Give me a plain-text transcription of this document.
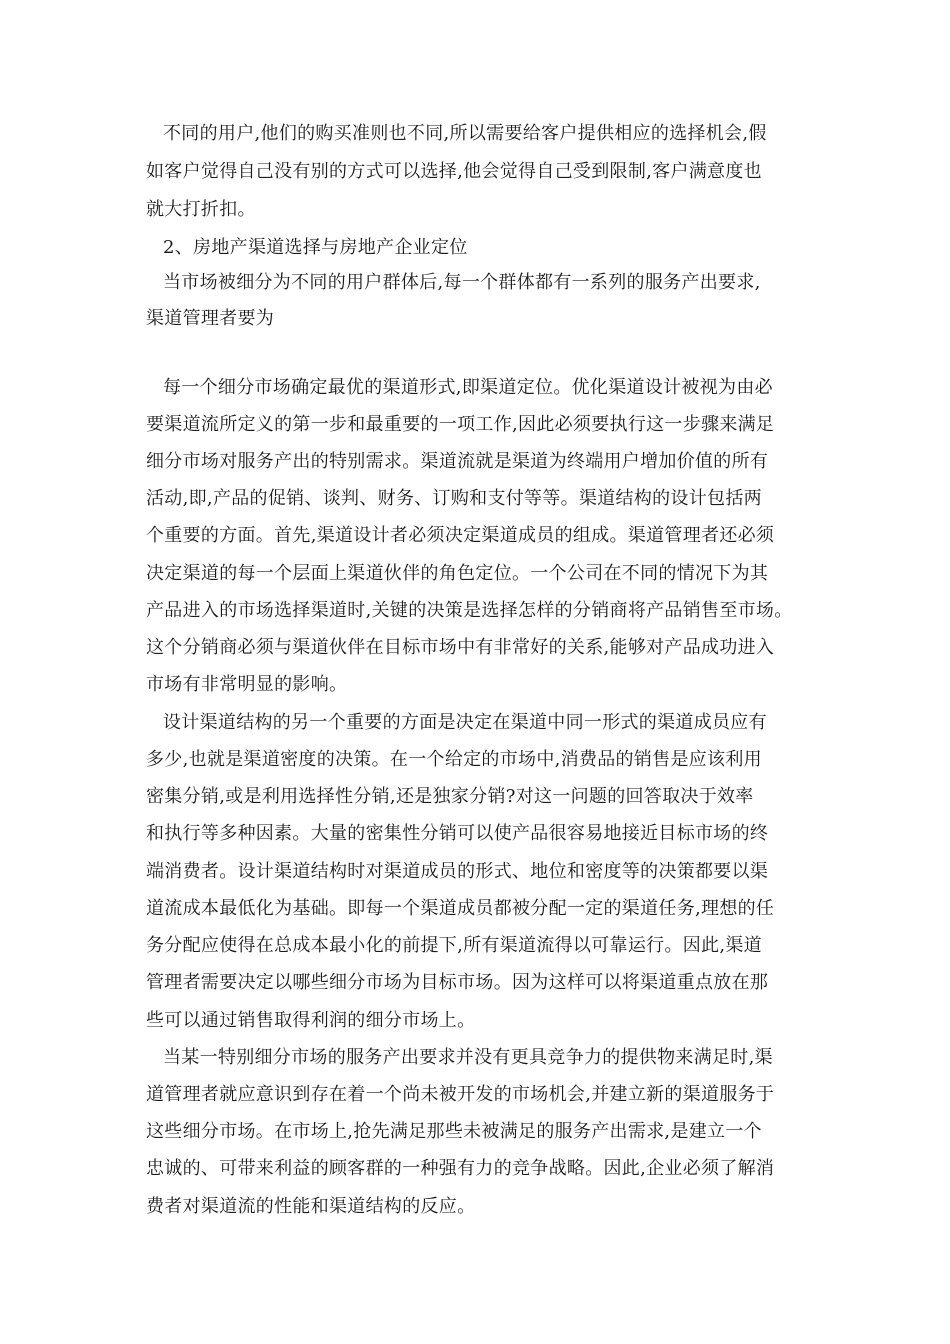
不同的用户,他们的购买准则也不同,所以需要给客户提供相应的选择机会,假
如客户觉得自己没有别的方式可以选择,他会觉得自己受到限制,客户满意度也
就大打折扣。
2、房地产渠道选择与房地产企业定位
当市场被细分为不同的用户群体后,每一个群体都有一系列的服务产出要求,
渠道管理者要为
每一个细分市场确定最优的渠道形式,即渠道定位。优化渠道设计被视为由必
要渠道流所定义的第一步和最重要的一项工作,因此必须要执行这一步骤来满足
细分市场对服务产出的特别需求。渠道流就是渠道为终端用户增加价值的所有
活动,即,产品的促销、谈判、财务、订购和支付等等。渠道结构的设计包括两
个重要的方面。首先,渠道设计者必须决定渠道成员的组成。渠道管理者还必须
决定渠道的每一个层面上渠道伙伴的角色定位。一个公司在不同的情况下为其
产品进入的市场选择渠道时,关键的决策是选择怎样的分销商将产品销售至市场。
这个分销商必须与渠道伙伴在目标市场中有非常好的关系,能够对产品成功进入
市场有非常明显的影响。
设计渠道结构的另一个重要的方面是决定在渠道中同一形式的渠道成员应有
多少,也就是渠道密度的决策。在一个给定的市场中,消费品的销售是应该利用
密集分销,或是利用选择性分销,还是独家分销?对这一问题的回答取决于效率
和执行等多种因素。大量的密集性分销可以使产品很容易地接近目标市场的终
端消费者。设计渠道结构时对渠道成员的形式、地位和密度等的决策都要以渠
道流成本最低化为基础。即每一个渠道成员都被分配一定的渠道任务,理想的任
务分配应使得在总成本最小化的前提下,所有渠道流得以可靠运行。因此,渠道
管理者需要决定以哪些细分市场为目标市场。因为这样可以将渠道重点放在那
些可以通过销售取得利润的细分市场上。
当某一特别细分市场的服务产出要求并没有更具竞争力的提供物来满足时,渠
道管理者就应意识到存在着一个尚未被开发的市场机会,并建立新的渠道服务于
这些细分市场。在市场上,抢先满足那些未被满足的服务产出需求,是建立一个
忠诚的、可带来利益的顾客群的一种强有力的竞争战略。因此,企业必须了解消
费者对渠道流的性能和渠道结构的反应。
